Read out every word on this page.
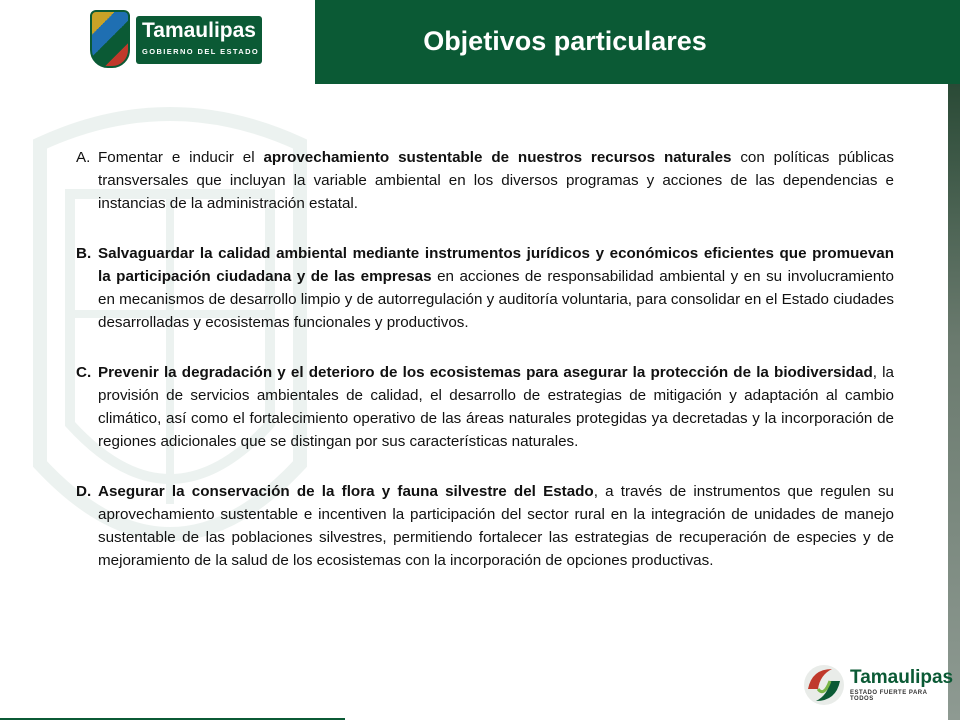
Objetivos particulares
Tamaulipas
GOBIERNO DEL ESTADO
A. Fomentar e inducir el aprovechamiento sustentable de nuestros recursos naturales con políticas públicas transversales que incluyan la variable ambiental en los diversos programas y acciones de las dependencias e instancias de la administración estatal.
B. Salvaguardar la calidad ambiental mediante instrumentos jurídicos y económicos eficientes que promuevan la participación ciudadana y de las empresas en acciones de responsabilidad ambiental y en su involucramiento en mecanismos de desarrollo limpio y de autorregulación y auditoría voluntaria, para consolidar en el Estado ciudades desarrolladas y ecosistemas funcionales y productivos.
C. Prevenir la degradación y el deterioro de los ecosistemas para asegurar la protección de la biodiversidad, la provisión de servicios ambientales de calidad, el desarrollo de estrategias de mitigación y adaptación al cambio climático, así como el fortalecimiento operativo de las áreas naturales protegidas ya decretadas y la incorporación de regiones adicionales que se distingan por sus características naturales.
D. Asegurar la conservación de la flora y fauna silvestre del Estado, a través de instrumentos que regulen su aprovechamiento sustentable e incentiven la participación del sector rural en la integración de unidades de manejo sustentable de las poblaciones silvestres, permitiendo fortalecer las estrategias de recuperación de especies y de mejoramiento de la salud de los ecosistemas con la incorporación de opciones productivas.
Tamaulipas
ESTADO FUERTE PARA TODOS
